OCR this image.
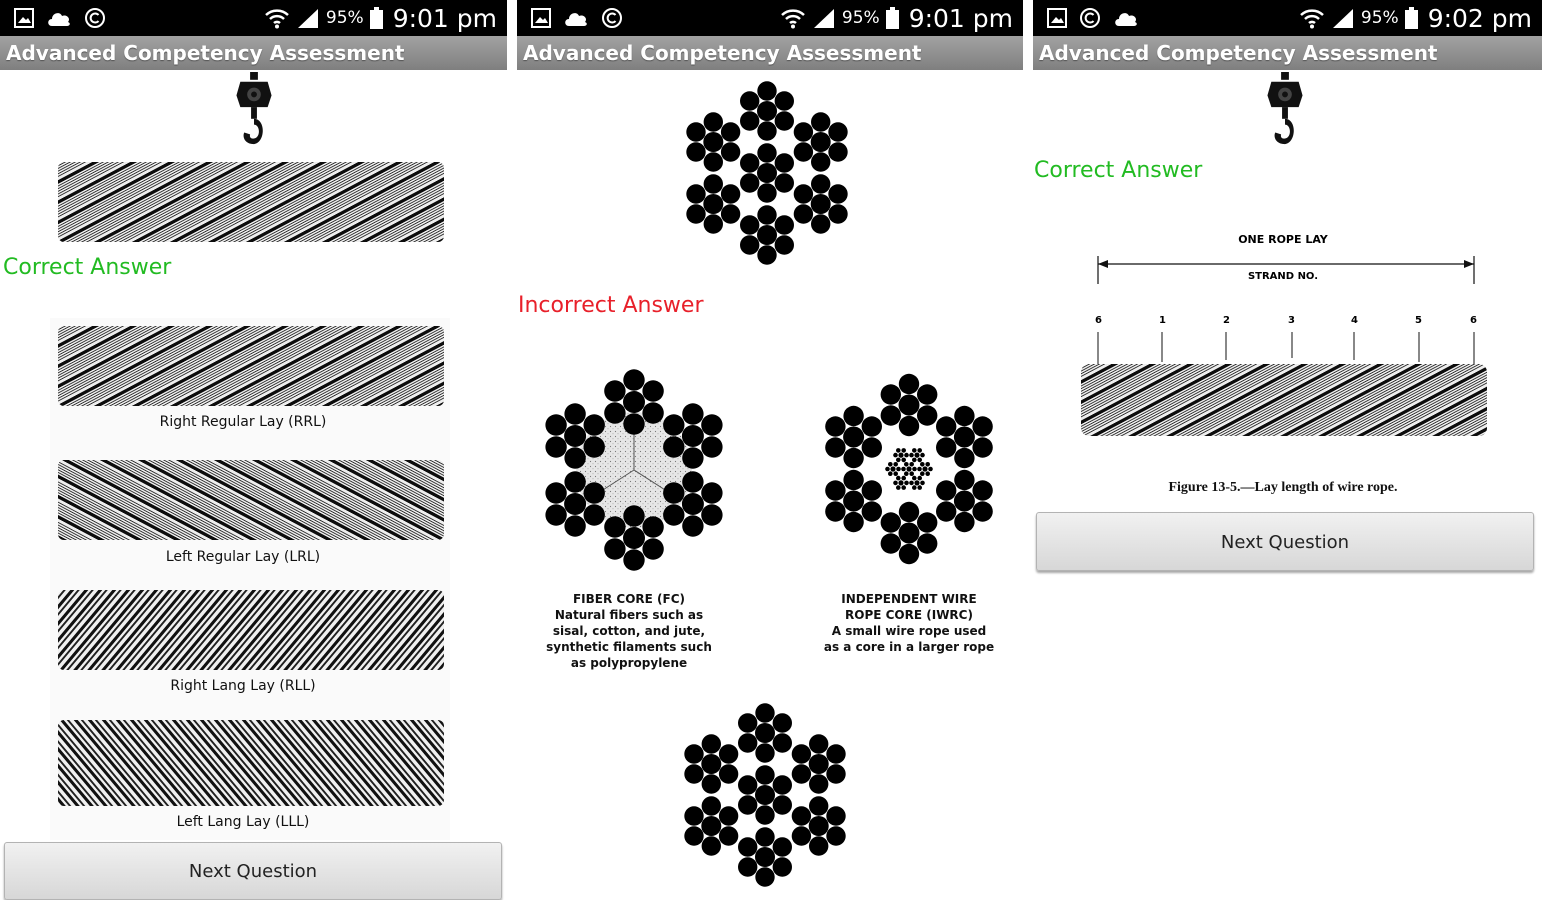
95% 9:01 pm
Advanced Competency Assessment
Correct Answer
Right Regular Lay (RRL)
Left Regular Lay (LRL)
Right Lang Lay (RLL)
Left Lang Lay (LLL)
Next Question
95% 9:01 pm
Advanced Competency Assessment
Incorrect Answer
FIBER CORE (FC)
Natural fibers such as
sisal, cotton, and jute,
synthetic filaments such
as polypropylene
INDEPENDENT WIRE
ROPE CORE (IWRC)
A small wire rope used
as a core in a larger rope
95% 9:02 pm
Advanced Competency Assessment
Correct Answer
ONE ROPE LAY
STRAND NO.
6	1	2	3	4	5	6
Figure 13-5.—Lay length of wire rope.
Next Question
